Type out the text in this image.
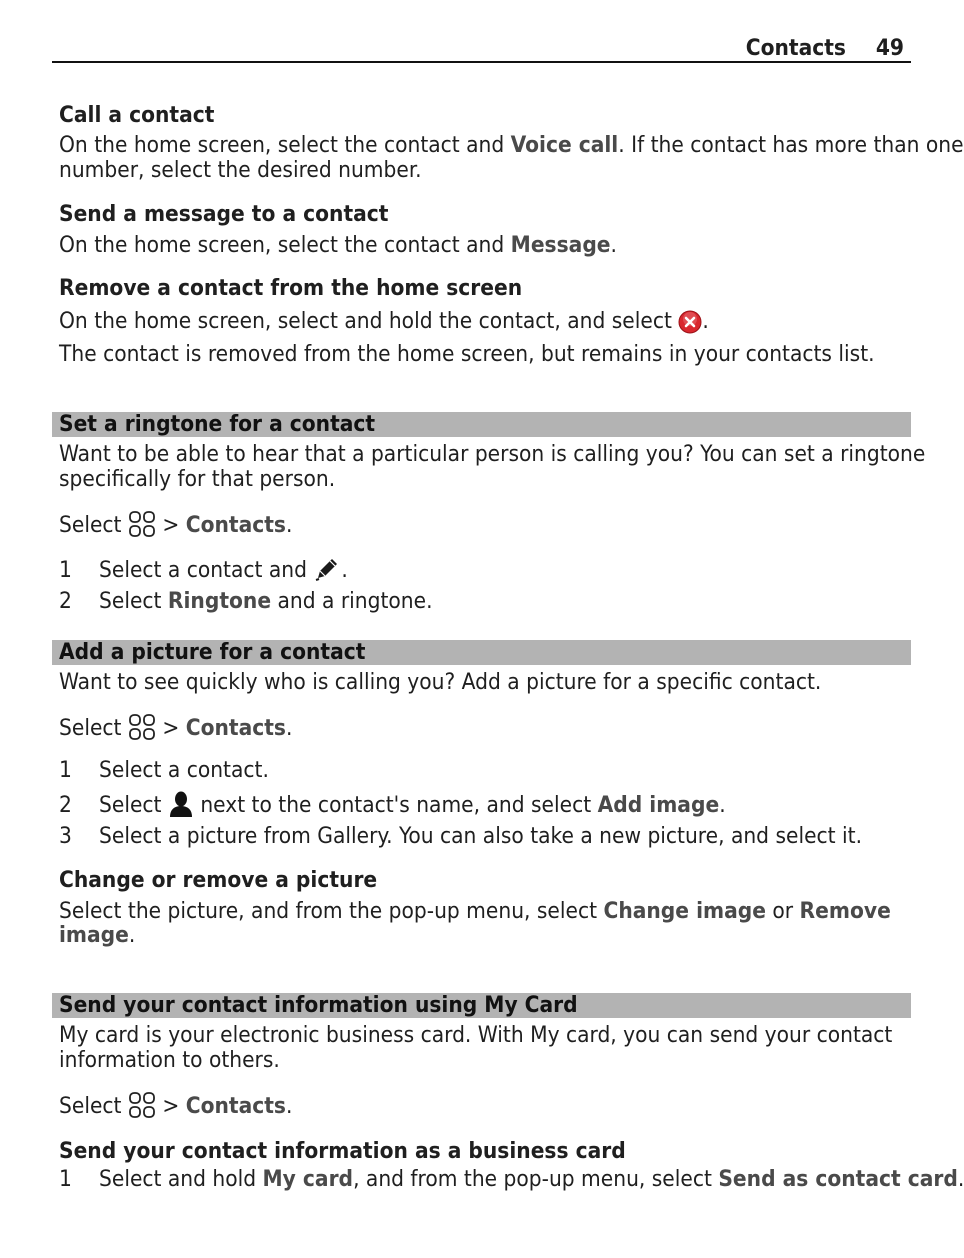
Contacts 49
Call a contact
On the home screen, select the contact and Voice call. If the contact has more than one
number, select the desired number.
Send a message to a contact
On the home screen, select the contact and Message.
Remove a contact from the home screen
On the home screen, select and hold the contact, and select .
The contact is removed from the home screen, but remains in your contacts list.
Set a ringtone for a contact
Want to be able to hear that a particular person is calling you? You can set a ringtone
specifically for that person.
Select  > Contacts.
1 Select a contact and .
2 Select Ringtone and a ringtone.
Add a picture for a contact
Want to see quickly who is calling you? Add a picture for a specific contact.
Select  > Contacts.
1 Select a contact.
2 Select  next to the contact's name, and select Add image.
3 Select a picture from Gallery. You can also take a new picture, and select it.
Change or remove a picture
Select the picture, and from the pop-up menu, select Change image or Remove
image.
Send your contact information using My Card
My card is your electronic business card. With My card, you can send your contact
information to others.
Select  > Contacts.
Send your contact information as a business card
1 Select and hold My card, and from the pop-up menu, select Send as contact card.
